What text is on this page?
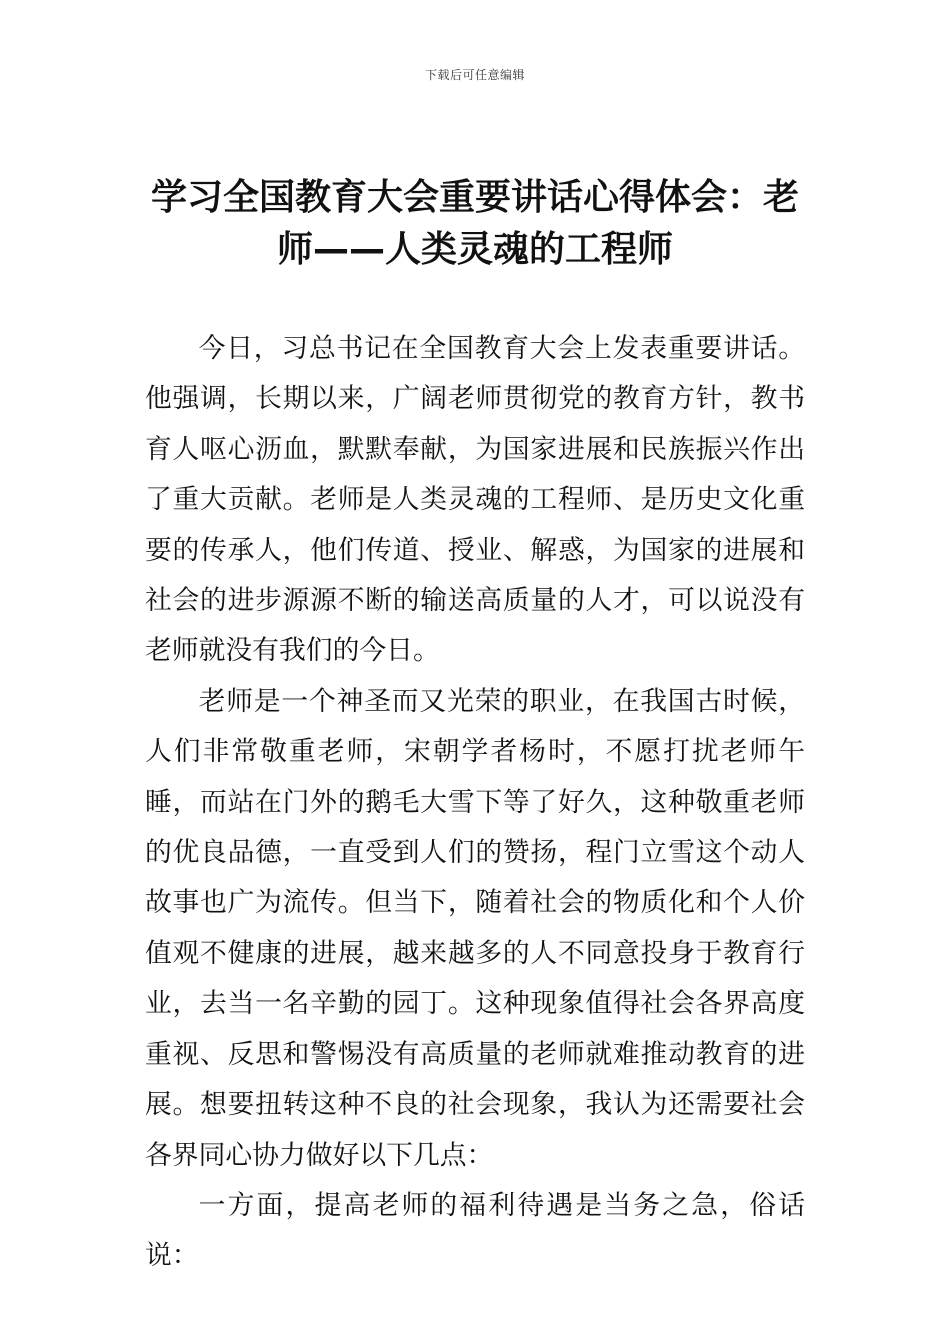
下载后可任意编辑
学习全国教育大会重要讲话心得体会：老
师——人类灵魂的工程师

今日，习总书记在全国教育大会上发表重要讲话。他强调，长期以来，广阔老师贯彻党的教育方针，教书育人呕心沥血，默默奉献，为国家进展和民族振兴作出了重大贡献。老师是人类灵魂的工程师、是历史文化重要的传承人，他们传道、授业、解惑，为国家的进展和社会的进步源源不断的输送高质量的人才，可以说没有老师就没有我们的今日。

老师是一个神圣而又光荣的职业，在我国古时候，人们非常敬重老师，宋朝学者杨时，不愿打扰老师午睡，而站在门外的鹅毛大雪下等了好久，这种敬重老师的优良品德，一直受到人们的赞扬，程门立雪这个动人故事也广为流传。但当下，随着社会的物质化和个人价值观不健康的进展，越来越多的人不同意投身于教育行业，去当一名辛勤的园丁。这种现象值得社会各界高度重视、反思和警惕没有高质量的老师就难推动教育的进展。想要扭转这种不良的社会现象，我认为还需要社会各界同心协力做好以下几点：

一方面，提高老师的福利待遇是当务之急，俗话说：
